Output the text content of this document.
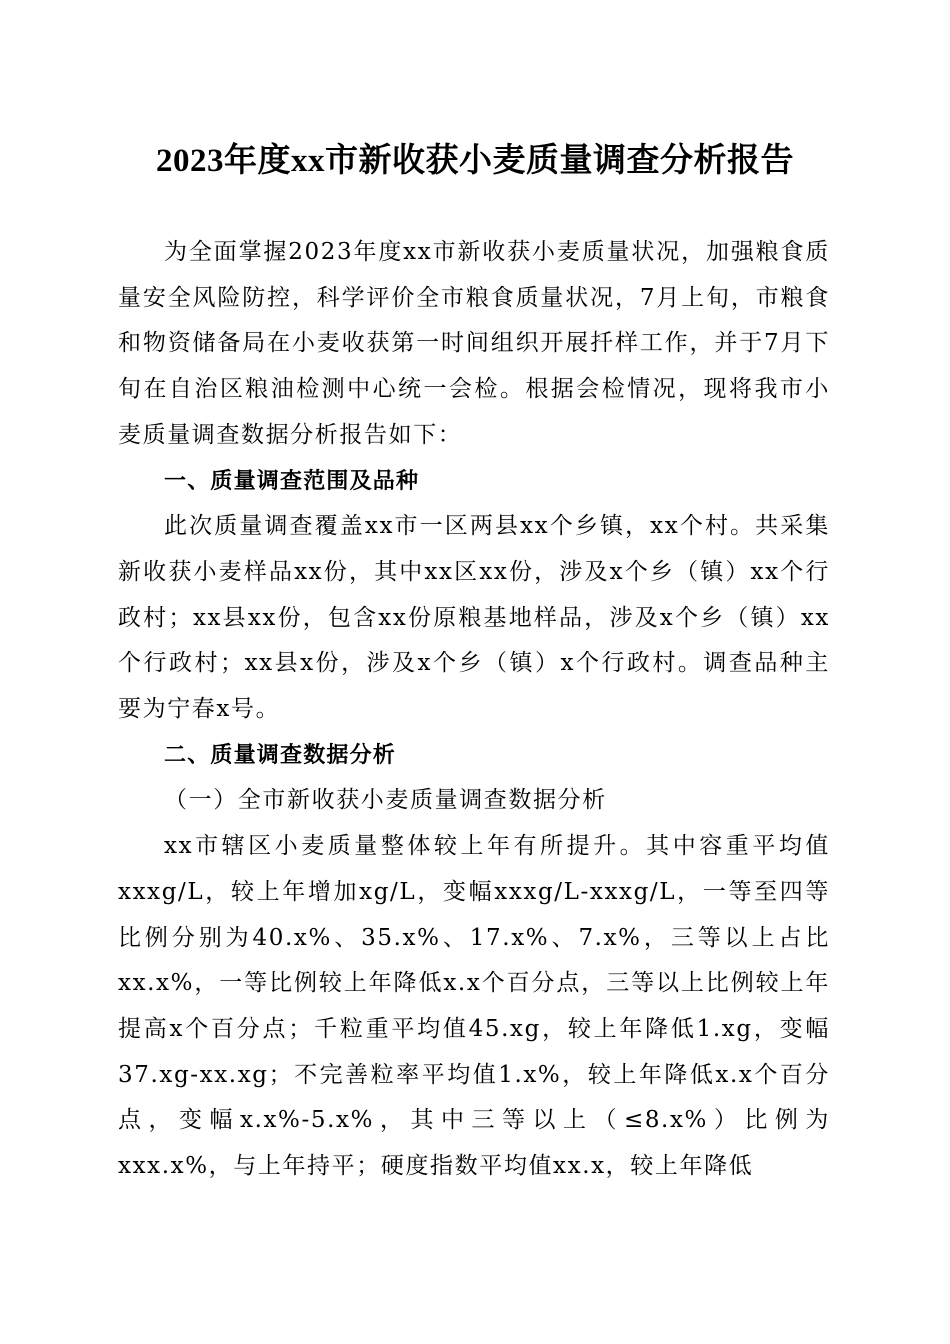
2023年度xx市新收获小麦质量调查分析报告

为全面掌握2023年度xx市新收获小麦质量状况，加强粮食质量安全风险防控，科学评价全市粮食质量状况，7月上旬，市粮食和物资储备局在小麦收获第一时间组织开展扦样工作，并于7月下旬在自治区粮油检测中心统一会检。根据会检情况，现将我市小麦质量调查数据分析报告如下：

一、质量调查范围及品种

此次质量调查覆盖xx市一区两县xx个乡镇，xx个村。共采集新收获小麦样品xx份，其中xx区xx份，涉及x个乡（镇）xx个行政村；xx县xx份，包含xx份原粮基地样品，涉及x个乡（镇）xx个行政村；xx县x份，涉及x个乡（镇）x个行政村。调查品种主要为宁春x号。

二、质量调查数据分析

（一）全市新收获小麦质量调查数据分析

xx市辖区小麦质量整体较上年有所提升。其中容重平均值xxxg/L，较上年增加xg/L，变幅xxxg/L-xxxg/L，一等至四等比例分别为40.x%、35.x%、17.x%、7.x%，三等以上占比xx.x%，一等比例较上年降低x.x个百分点，三等以上比例较上年提高x个百分点；千粒重平均值45.xg，较上年降低1.xg，变幅37.xg-xx.xg；不完善粒率平均值1.x%，较上年降低x.x个百分点，变幅x.x%-5.x%，其中三等以上（≤8.x%）比例为xxx.x%，与上年持平；硬度指数平均值xx.x，较上年降低
